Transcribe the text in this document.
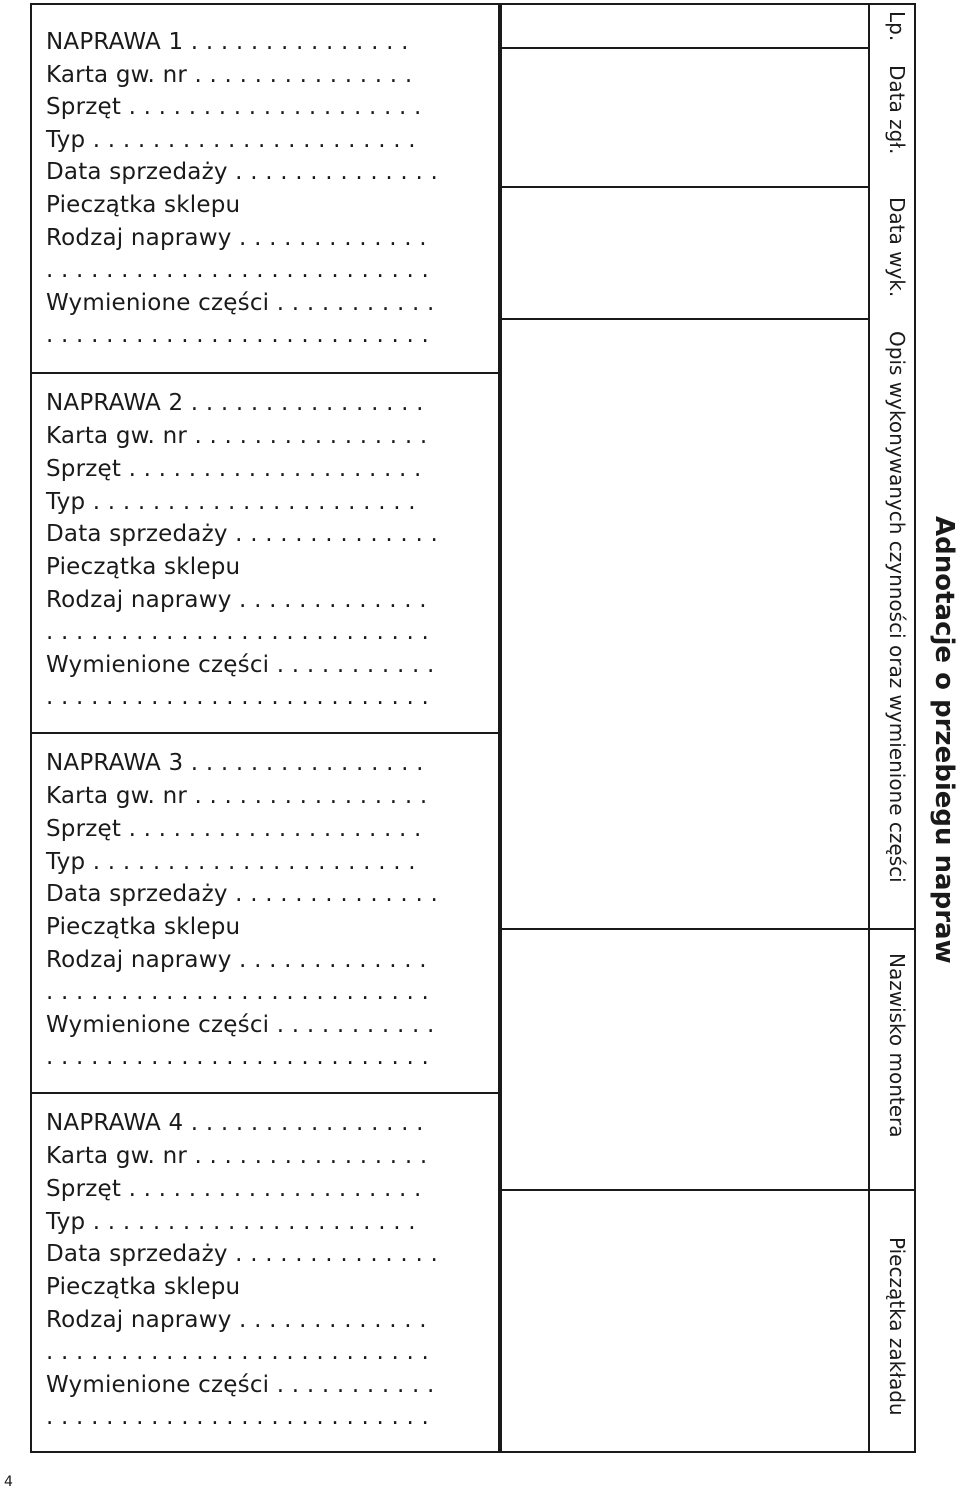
NAPRAWA 1 . . . . . . . . . . . . . . .
Karta gw. nr . . . . . . . . . . . . . . .
Sprzęt . . . . . . . . . . . . . . . . . . . .
Typ . . . . . . . . . . . . . . . . . . . . . .
Data sprzedaży . . . . . . . . . . . . . .
Pieczątka sklepu
Rodzaj naprawy . . . . . . . . . . . . .
. . . . . . . . . . . . . . . . . . . . . . . . . .
Wymienione części . . . . . . . . . . .
. . . . . . . . . . . . . . . . . . . . . . . . . .
NAPRAWA 2 . . . . . . . . . . . . . . . .
Karta gw. nr . . . . . . . . . . . . . . . .
Sprzęt . . . . . . . . . . . . . . . . . . . .
Typ . . . . . . . . . . . . . . . . . . . . . .
Data sprzedaży . . . . . . . . . . . . . .
Pieczątka sklepu
Rodzaj naprawy . . . . . . . . . . . . .
. . . . . . . . . . . . . . . . . . . . . . . . . .
Wymienione części . . . . . . . . . . .
. . . . . . . . . . . . . . . . . . . . . . . . . .
NAPRAWA 3 . . . . . . . . . . . . . . . .
Karta gw. nr . . . . . . . . . . . . . . . .
Sprzęt . . . . . . . . . . . . . . . . . . . .
Typ . . . . . . . . . . . . . . . . . . . . . .
Data sprzedaży . . . . . . . . . . . . . .
Pieczątka sklepu
Rodzaj naprawy . . . . . . . . . . . . .
. . . . . . . . . . . . . . . . . . . . . . . . . .
Wymienione części . . . . . . . . . . .
. . . . . . . . . . . . . . . . . . . . . . . . . .
NAPRAWA 4 . . . . . . . . . . . . . . . .
Karta gw. nr . . . . . . . . . . . . . . . .
Sprzęt . . . . . . . . . . . . . . . . . . . .
Typ . . . . . . . . . . . . . . . . . . . . . .
Data sprzedaży . . . . . . . . . . . . . .
Pieczątka sklepu
Rodzaj naprawy . . . . . . . . . . . . .
. . . . . . . . . . . . . . . . . . . . . . . . . .
Wymienione części . . . . . . . . . . .
. . . . . . . . . . . . . . . . . . . . . . . . . .
Lp.
Data zgł.
Data wyk.
Opis wykonywanych czynności oraz wymienione części
Nazwisko montera
Pieczątka zakładu
Adnotacje o przebiegu napraw
4
